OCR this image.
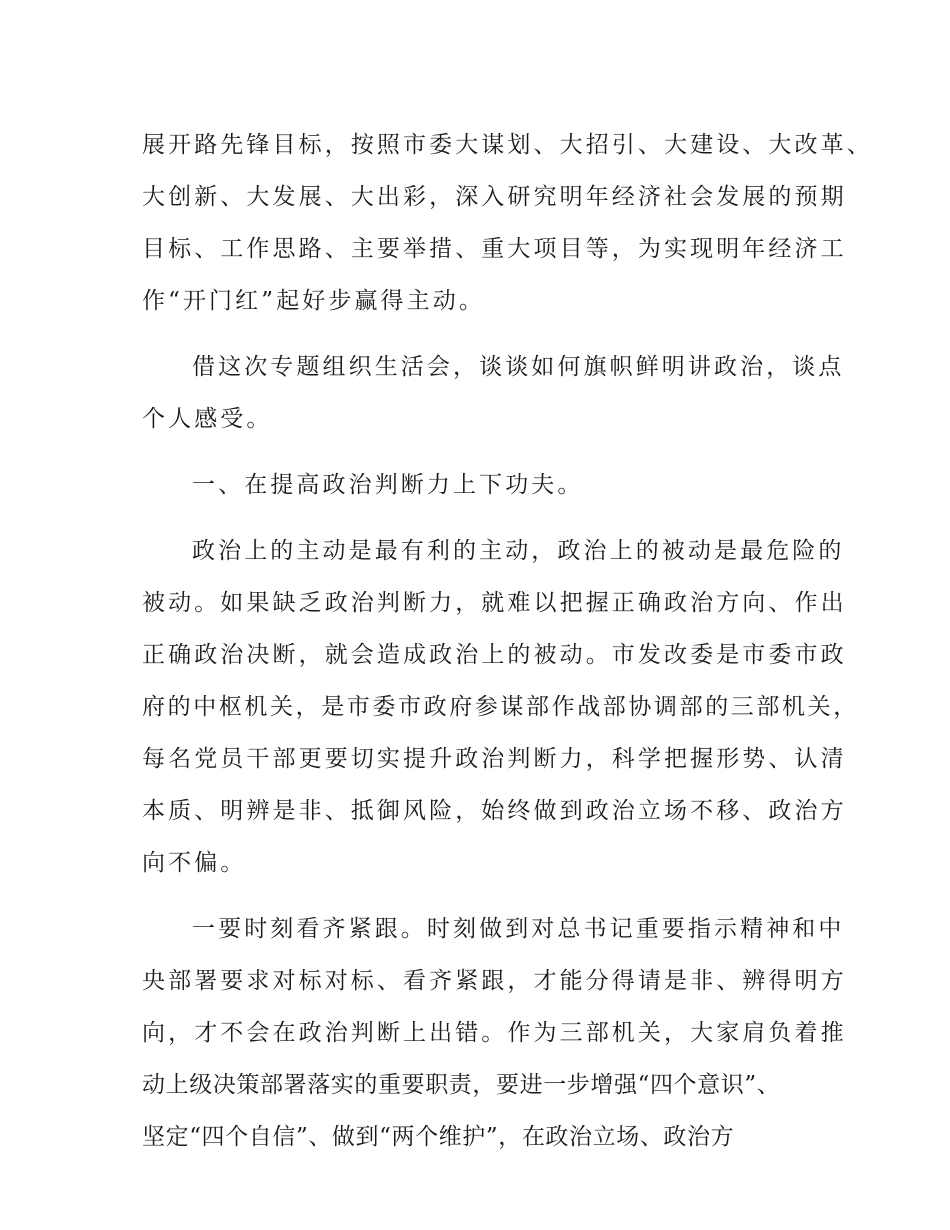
展开路先锋目标，按照市委大谋划、大招引、大建设、大改革、
大创新、大发展、大出彩，深入研究明年经济社会发展的预期
目标、工作思路、主要举措、重大项目等，为实现明年经济工
作“开门红”起好步赢得主动。
借这次专题组织生活会，谈谈如何旗帜鲜明讲政治，谈点
个人感受。
一、在提高政治判断力上下功夫。
政治上的主动是最有利的主动，政治上的被动是最危险的
被动。如果缺乏政治判断力，就难以把握正确政治方向、作出
正确政治决断，就会造成政治上的被动。市发改委是市委市政
府的中枢机关，是市委市政府参谋部作战部协调部的三部机关，
每名党员干部更要切实提升政治判断力，科学把握形势、认清
本质、明辨是非、抵御风险，始终做到政治立场不移、政治方
向不偏。
一要时刻看齐紧跟。时刻做到对总书记重要指示精神和中
央部署要求对标对标、看齐紧跟，才能分得请是非、辨得明方
向，才不会在政治判断上出错。作为三部机关，大家肩负着推
动上级决策部署落实的重要职责，要进一步增强“四个意识”、
坚定“四个自信”、做到“两个维护”，在政治立场、政治方
